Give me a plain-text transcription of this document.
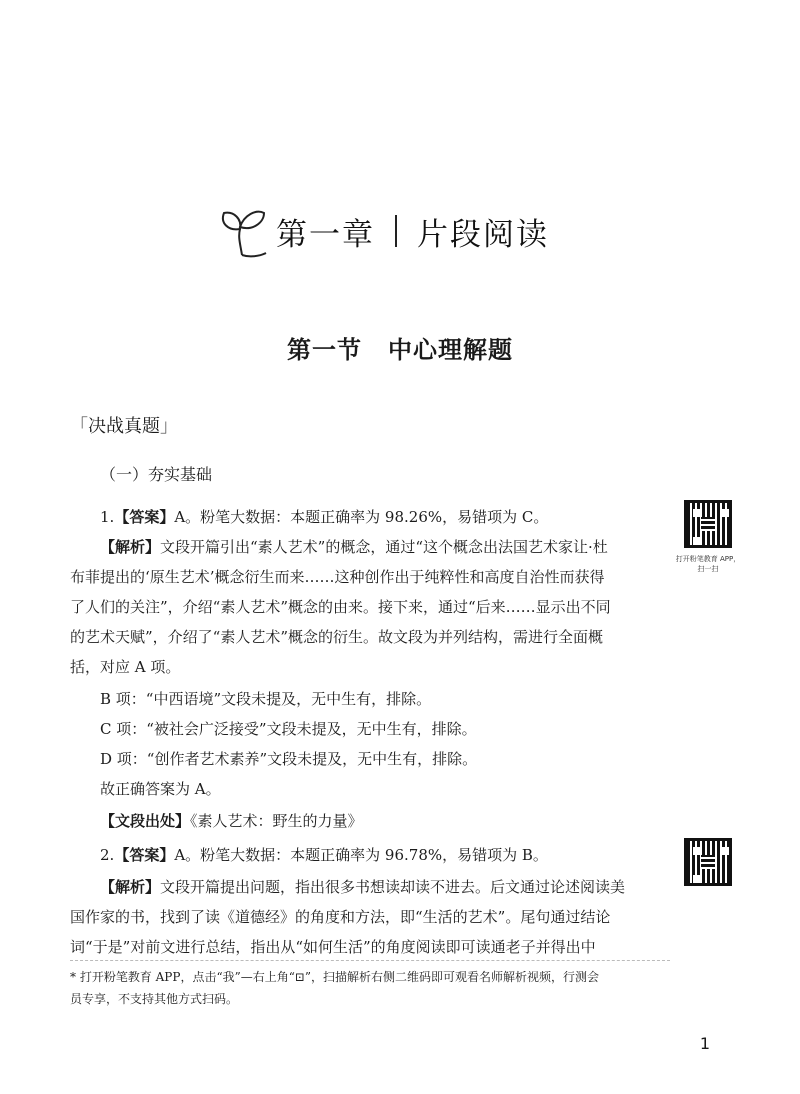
第一章 片段阅读
第一节 中心理解题
「 决战真题 」
（一）夯实基础
1.【答案】A。粉笔大数据：本题正确率为 98.26%，易错项为 C。
【解析】文段开篇引出“素人艺术”的概念，通过“这个概念出法国艺术家让·杜
布菲提出的‘原生艺术’概念衍生而来……这种创作出于纯粹性和高度自治性而获得
了人们的关注”，介绍“素人艺术”概念的由来。接下来，通过“后来……显示出不同
的艺术天赋”，介绍了“素人艺术”概念的衍生。故文段为并列结构，需进行全面概
括，对应 A 项。
B 项：“中西语境”文段未提及，无中生有，排除。
C 项：“被社会广泛接受”文段未提及，无中生有，排除。
D 项：“创作者艺术素养”文段未提及，无中生有，排除。
故正确答案为 A。
【文段出处】《素人艺术：野生的力量》
2.【答案】A。粉笔大数据：本题正确率为 96.78%，易错项为 B。
【解析】文段开篇提出问题，指出很多书想读却读不进去。后文通过论述阅读美
国作家的书，找到了读《道德经》的角度和方法，即“生活的艺术”。尾句通过结论
词“于是”对前文进行总结，指出从“如何生活”的角度阅读即可读通老子并得出中
打开粉笔教育 APP，
扫一扫
* 打开粉笔教育 APP，点击“我”—右上角“⊡”，扫描解析右侧二维码即可观看名师解析视频，行测会
员专享，不支持其他方式扫码。
1
